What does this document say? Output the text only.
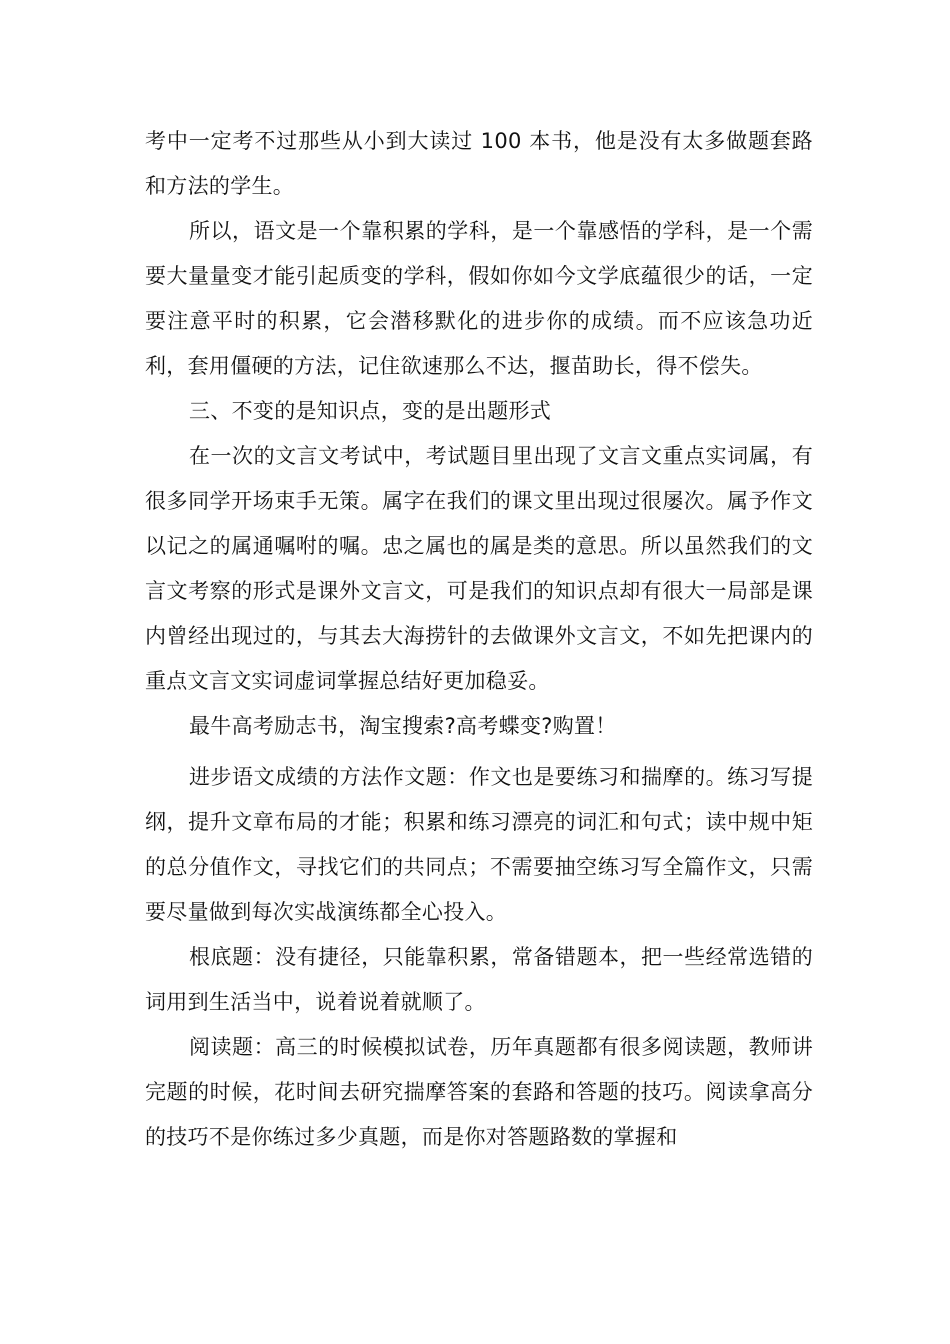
考中一定考不过那些从小到大读过 100 本书，他是没有太多做题套路和方法的学生。

所以，语文是一个靠积累的学科，是一个靠感悟的学科，是一个需要大量量变才能引起质变的学科，假如你如今文学底蕴很少的话，一定要注意平时的积累，它会潜移默化的进步你的成绩。而不应该急功近利，套用僵硬的方法，记住欲速那么不达，揠苗助长，得不偿失。

三、不变的是知识点，变的是出题形式

在一次的文言文考试中，考试题目里出现了文言文重点实词属，有很多同学开场束手无策。属字在我们的课文里出现过很屡次。属予作文以记之的属通嘱咐的嘱。忠之属也的属是类的意思。所以虽然我们的文言文考察的形式是课外文言文，可是我们的知识点却有很大一局部是课内曾经出现过的，与其去大海捞针的去做课外文言文，不如先把课内的重点文言文实词虚词掌握总结好更加稳妥。

最牛高考励志书，淘宝搜索?高考蝶变?购置！

进步语文成绩的方法作文题：作文也是要练习和揣摩的。练习写提纲，提升文章布局的才能；积累和练习漂亮的词汇和句式；读中规中矩的总分值作文，寻找它们的共同点；不需要抽空练习写全篇作文，只需要尽量做到每次实战演练都全心投入。

根底题：没有捷径，只能靠积累，常备错题本，把一些经常选错的词用到生活当中，说着说着就顺了。

阅读题：高三的时候模拟试卷，历年真题都有很多阅读题，教师讲完题的时候，花时间去研究揣摩答案的套路和答题的技巧。阅读拿高分的技巧不是你练过多少真题，而是你对答题路数的掌握和
